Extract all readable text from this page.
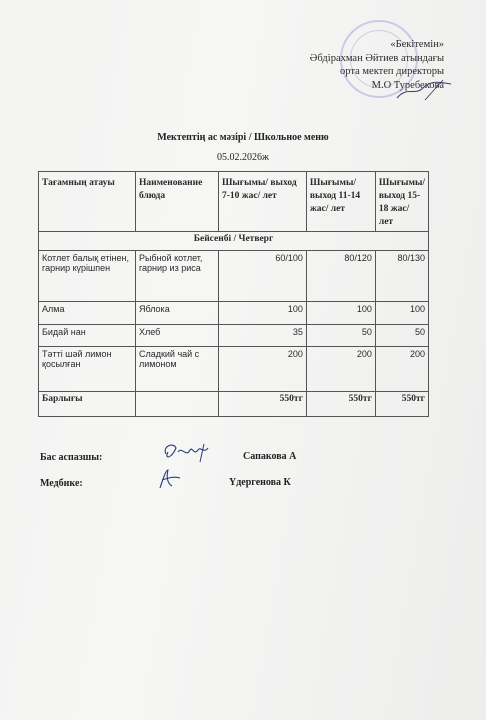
«Бекітемін»
Әбдірахман Әйтиев атындағы
орта мектеп директоры
М.О Туребекова
Мектептің ас мәзірі / Школьное меню
05.02.2026ж
Тағамның атауы	Наименование блюда	Шығымы/ выход 7-10 жас/ лет	Шығымы/ выход 11-14 жас/ лет	Шығымы/ выход 15-18 жас/ лет
Бейсенбі / Четверг				
Котлет балық етінен, гарнир күрішпен	Рыбной котлет, гарнир из риса	60/100	80/120	80/130
Алма	Яблока	100	100	100
Бидай нан	Хлеб	35	50	50
Тәтті шәй лимон қосылған	Сладкий чай с лимоном	200	200	200
Барлығы		550тг	550тг	550тг
Бас аспазшы:	Сапакова А
Медбике:	Үдергенова К
